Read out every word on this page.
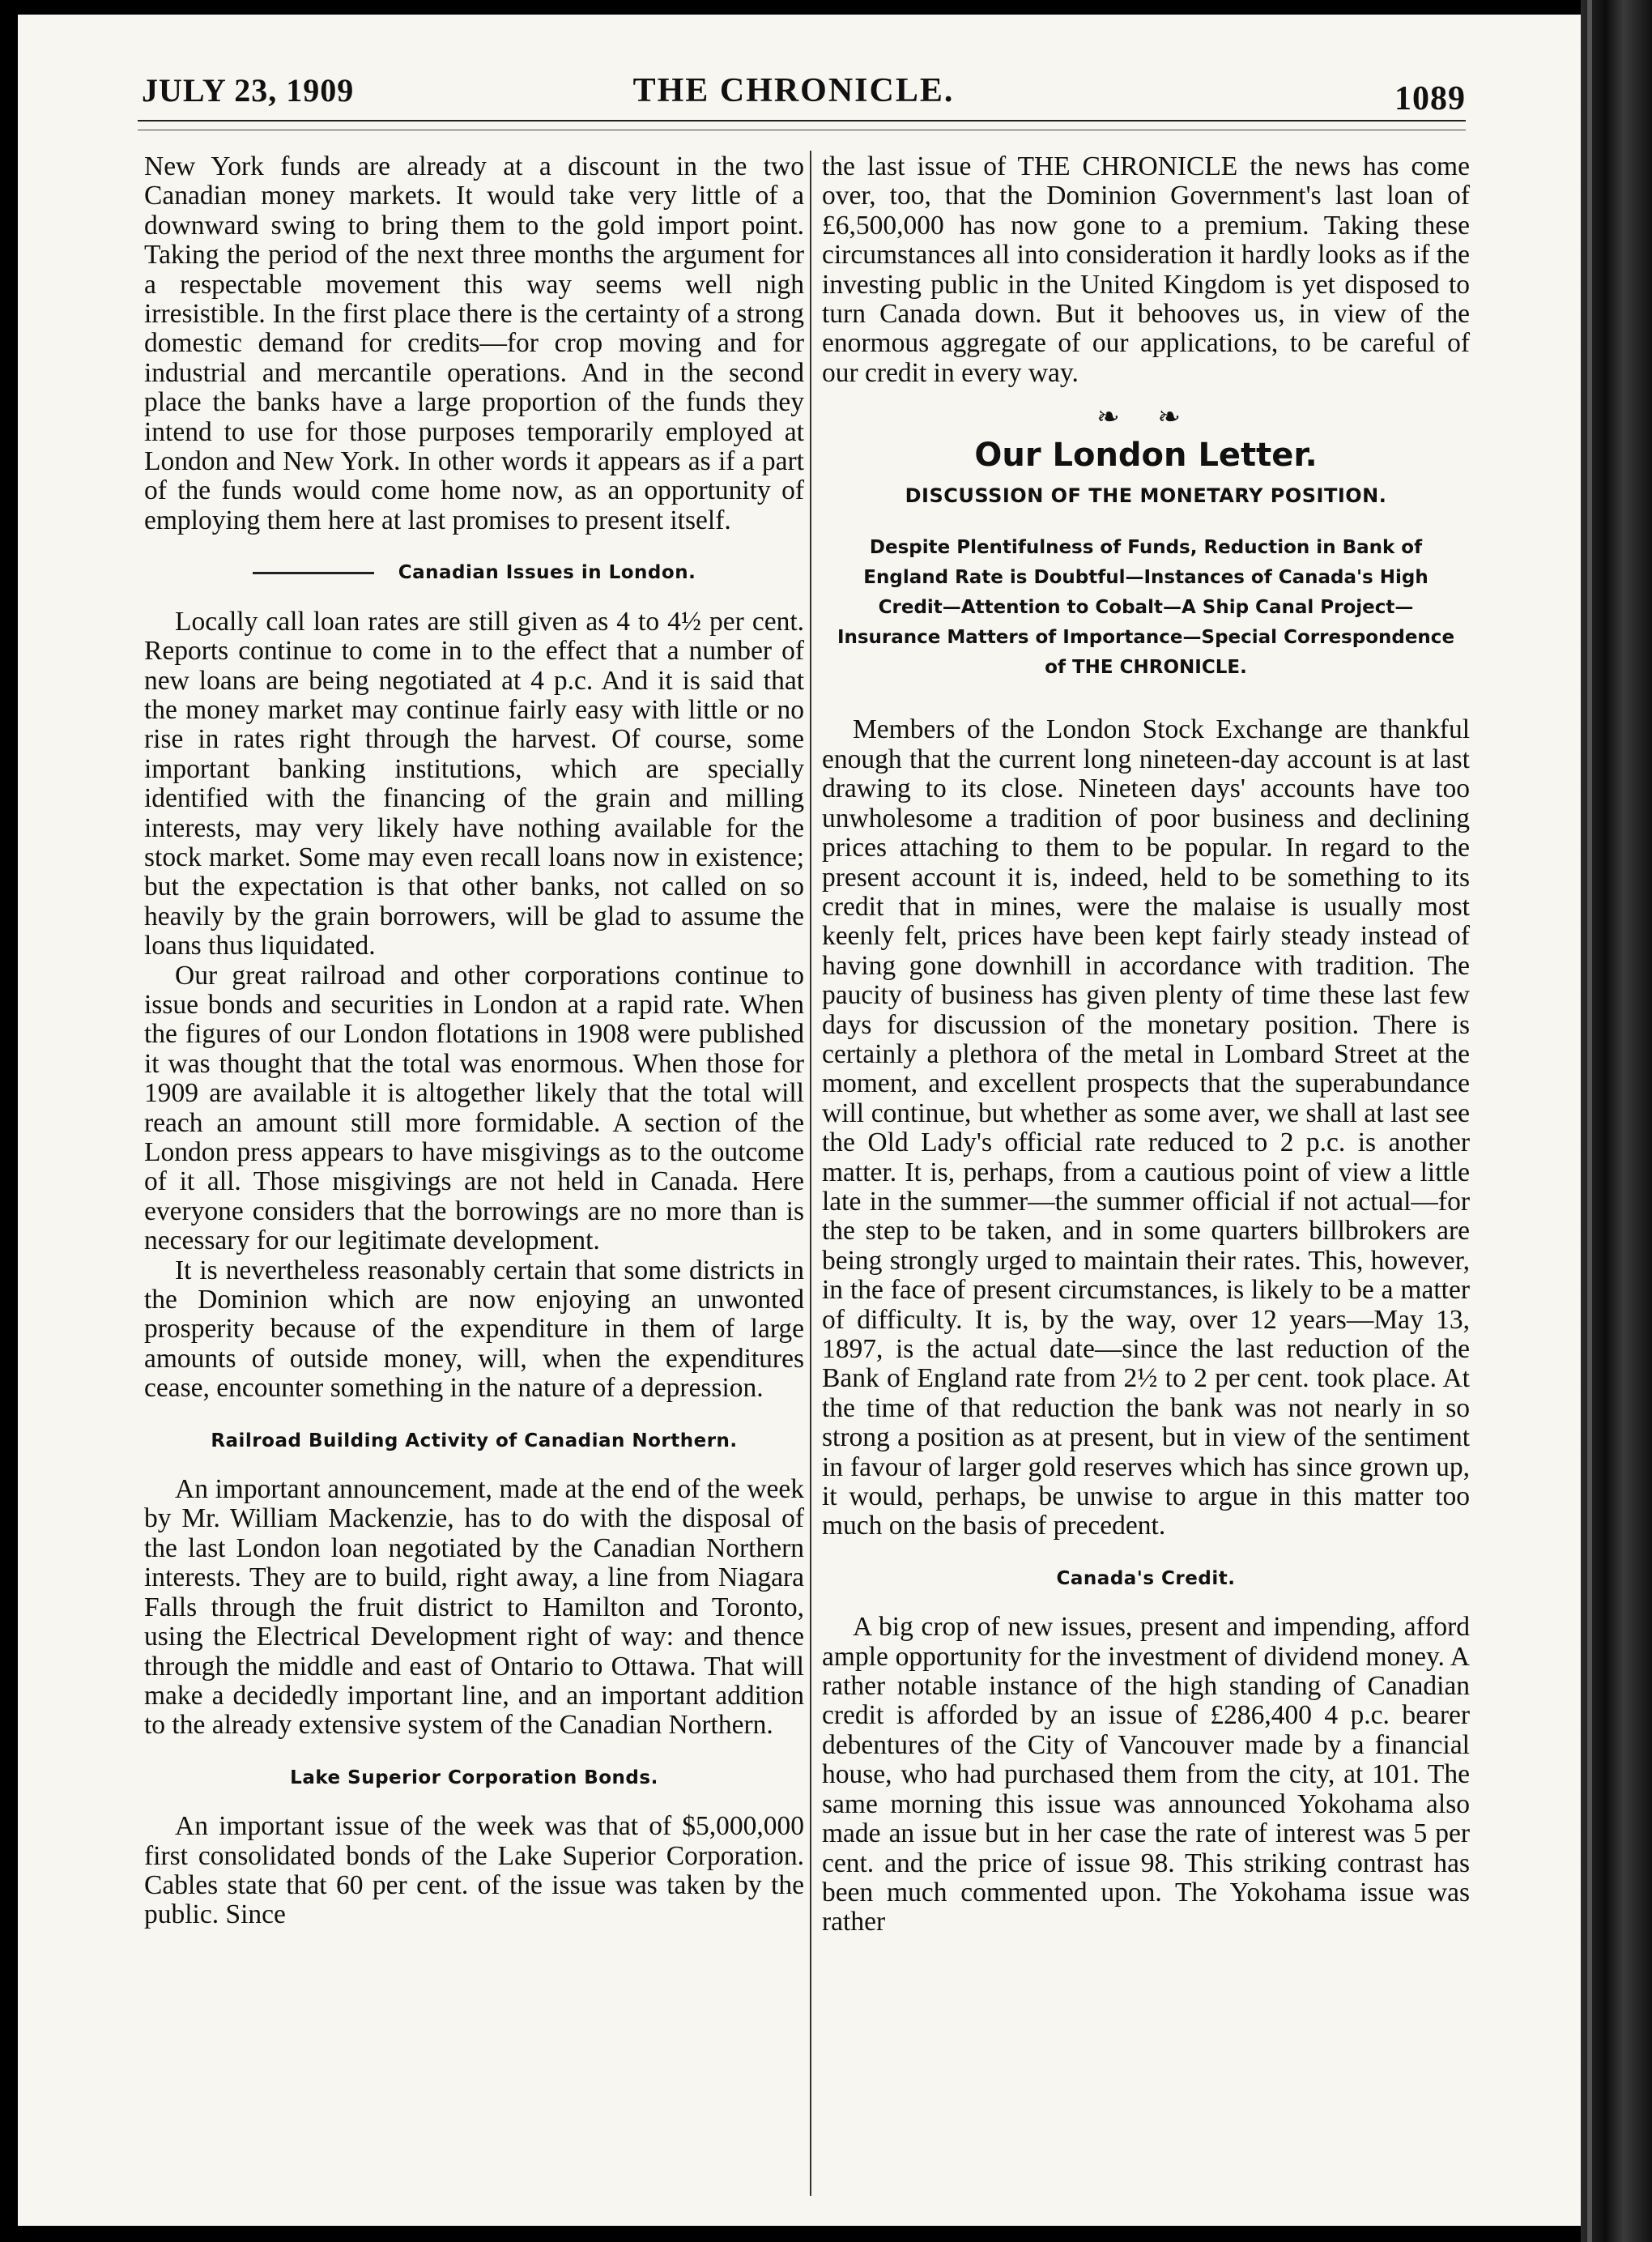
JULY 23, 1909	THE CHRONICLE.	1089

New York funds are already at a discount in the two Canadian money markets. It would take very little of a downward swing to bring them to the gold import point. Taking the period of the next three months the argument for a respectable movement this way seems well nigh irresistible. In the first place there is the certainty of a strong domestic demand for credits—for crop moving and for industrial and mercantile operations. And in the second place the banks have a large proportion of the funds they intend to use for those purposes temporarily employed at London and New York. In other words it appears as if a part of the funds would come home now, as an opportunity of employing them here at last promises to present itself.

Canadian Issues in London.

Locally call loan rates are still given as 4 to 4½ per cent. Reports continue to come in to the effect that a number of new loans are being negotiated at 4 p.c. And it is said that the money market may continue fairly easy with little or no rise in rates right through the harvest. Of course, some important banking institutions, which are specially identified with the financing of the grain and milling interests, may very likely have nothing available for the stock market. Some may even recall loans now in existence; but the expectation is that other banks, not called on so heavily by the grain borrowers, will be glad to assume the loans thus liquidated.

Our great railroad and other corporations continue to issue bonds and securities in London at a rapid rate. When the figures of our London flotations in 1908 were published it was thought that the total was enormous. When those for 1909 are available it is altogether likely that the total will reach an amount still more formidable. A section of the London press appears to have misgivings as to the outcome of it all. Those misgivings are not held in Canada. Here everyone considers that the borrowings are no more than is necessary for our legitimate development.

It is nevertheless reasonably certain that some districts in the Dominion which are now enjoying an unwonted prosperity because of the expenditure in them of large amounts of outside money, will, when the expenditures cease, encounter something in the nature of a depression.

Railroad Building Activity of Canadian Northern.

An important announcement, made at the end of the week by Mr. William Mackenzie, has to do with the disposal of the last London loan negotiated by the Canadian Northern interests. They are to build, right away, a line from Niagara Falls through the fruit district to Hamilton and Toronto, using the Electrical Development right of way: and thence through the middle and east of Ontario to Ottawa. That will make a decidedly important line, and an important addition to the already extensive system of the Canadian Northern.

Lake Superior Corporation Bonds.

An important issue of the week was that of $5,000,000 first consolidated bonds of the Lake Superior Corporation. Cables state that 60 per cent. of the issue was taken by the public. Since

the last issue of THE CHRONICLE the news has come over, too, that the Dominion Government's last loan of £6,500,000 has now gone to a premium. Taking these circumstances all into consideration it hardly looks as if the investing public in the United Kingdom is yet disposed to turn Canada down. But it behooves us, in view of the enormous aggregate of our applications, to be careful of our credit in every way.

❧ ❧
Our London Letter.
DISCUSSION OF THE MONETARY POSITION.
Despite Plentifulness of Funds, Reduction in Bank of England Rate is Doubtful—Instances of Canada's High Credit—Attention to Cobalt—A Ship Canal Project—Insurance Matters of Importance—Special Correspondence of THE CHRONICLE.

Members of the London Stock Exchange are thankful enough that the current long nineteen-day account is at last drawing to its close. Nineteen days' accounts have too unwholesome a tradition of poor business and declining prices attaching to them to be popular. In regard to the present account it is, indeed, held to be something to its credit that in mines, were the malaise is usually most keenly felt, prices have been kept fairly steady instead of having gone downhill in accordance with tradition. The paucity of business has given plenty of time these last few days for discussion of the monetary position. There is certainly a plethora of the metal in Lombard Street at the moment, and excellent prospects that the superabundance will continue, but whether as some aver, we shall at last see the Old Lady's official rate reduced to 2 p.c. is another matter. It is, perhaps, from a cautious point of view a little late in the summer—the summer official if not actual—for the step to be taken, and in some quarters billbrokers are being strongly urged to maintain their rates. This, however, in the face of present circumstances, is likely to be a matter of difficulty. It is, by the way, over 12 years—May 13, 1897, is the actual date—since the last reduction of the Bank of England rate from 2½ to 2 per cent. took place. At the time of that reduction the bank was not nearly in so strong a position as at present, but in view of the sentiment in favour of larger gold reserves which has since grown up, it would, perhaps, be unwise to argue in this matter too much on the basis of precedent.

Canada's Credit.

A big crop of new issues, present and impending, afford ample opportunity for the investment of dividend money. A rather notable instance of the high standing of Canadian credit is afforded by an issue of £286,400 4 p.c. bearer debentures of the City of Vancouver made by a financial house, who had purchased them from the city, at 101. The same morning this issue was announced Yokohama also made an issue but in her case the rate of interest was 5 per cent. and the price of issue 98. This striking contrast has been much commented upon. The Yokohama issue was rather
